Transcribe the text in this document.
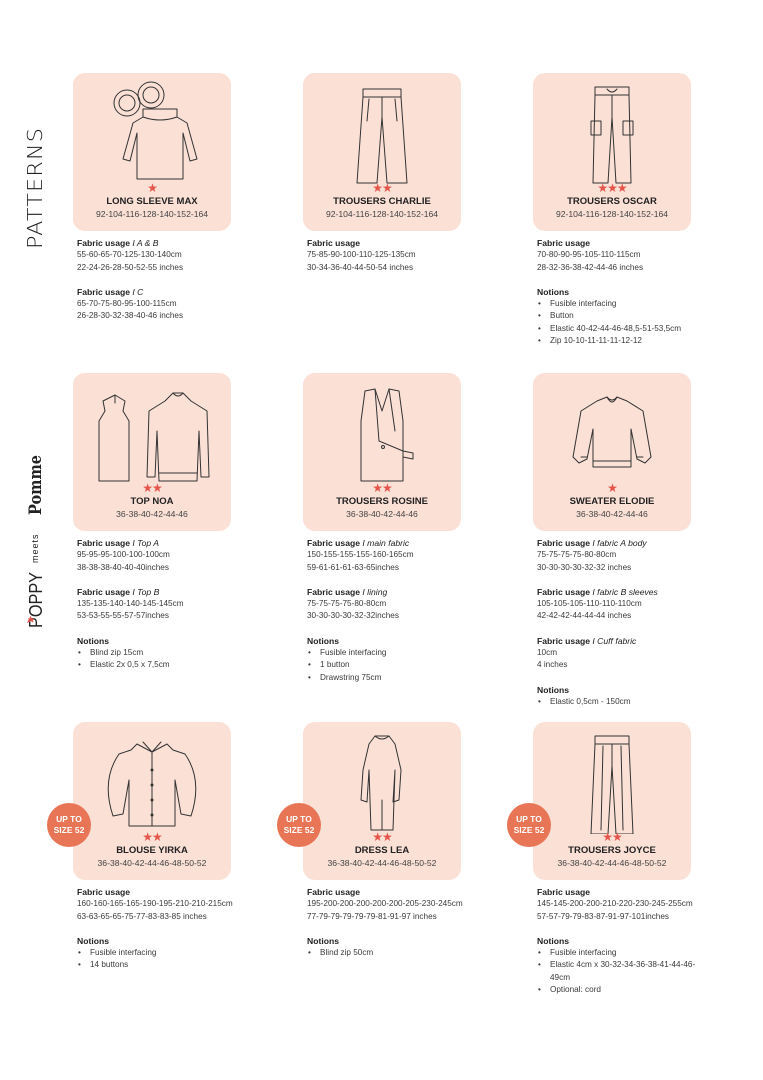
PATTERNS
Pomme
meets
POPPY
★
LONG SLEEVE MAX
92-104-116-128-140-152-164
Fabric usage I A & B
55-60-65-70-125-130-140cm
22-24-26-28-50-52-55 inches
Fabric usage I C
65-70-75-80-95-100-115cm
26-28-30-32-38-40-46 inches
★★
TROUSERS CHARLIE
92-104-116-128-140-152-164
Fabric usage
75-85-90-100-110-125-135cm
30-34-36-40-44-50-54 inches
★★★
TROUSERS OSCAR
92-104-116-128-140-152-164
Fabric usage
70-80-90-95-105-110-115cm
28-32-36-38-42-44-46 inches
Notions
• Fusible interfacing
• Button
• Elastic 40-42-44-46-48,5-51-53,5cm
• Zip 10-10-11-11-11-12-12
★★
TOP NOA
36-38-40-42-44-46
Fabric usage I Top A
95-95-95-100-100-100cm
38-38-38-40-40-40inches
Fabric usage I Top B
135-135-140-140-145-145cm
53-53-55-55-57-57inches
Notions
• Blind zip 15cm
• Elastic 2x 0,5 x 7,5cm
★★
TROUSERS ROSINE
36-38-40-42-44-46
Fabric usage I main fabric
150-155-155-155-160-165cm
59-61-61-61-63-65inches
Fabric usage I lining
75-75-75-75-80-80cm
30-30-30-30-32-32inches
Notions
• Fusible interfacing
• 1 button
• Drawstring 75cm
★
SWEATER ELODIE
36-38-40-42-44-46
Fabric usage I fabric A body
75-75-75-75-80-80cm
30-30-30-30-32-32 inches
Fabric usage I fabric B sleeves
105-105-105-110-110-110cm
42-42-42-44-44-44 inches
Fabric usage I Cuff fabric
10cm
4 inches
Notions
• Elastic 0,5cm - 150cm
★★
BLOUSE YIRKA
36-38-40-42-44-46-48-50-52
UP TO
SIZE 52
Fabric usage
160-160-165-165-190-195-210-210-215cm
63-63-65-65-75-77-83-83-85 inches
Notions
• Fusible interfacing
• 14 buttons
★★
DRESS LEA
36-38-40-42-44-46-48-50-52
UP TO
SIZE 52
Fabric usage
195-200-200-200-200-200-205-230-245cm
77-79-79-79-79-79-81-91-97 inches
Notions
• Blind zip 50cm
★★
TROUSERS JOYCE
36-38-40-42-44-46-48-50-52
UP TO
SIZE 52
Fabric usage
145-145-200-200-210-220-230-245-255cm
57-57-79-79-83-87-91-97-101inches
Notions
• Fusible interfacing
• Elastic 4cm x 30-32-34-36-38-41-44-46-49cm
• Optional: cord
